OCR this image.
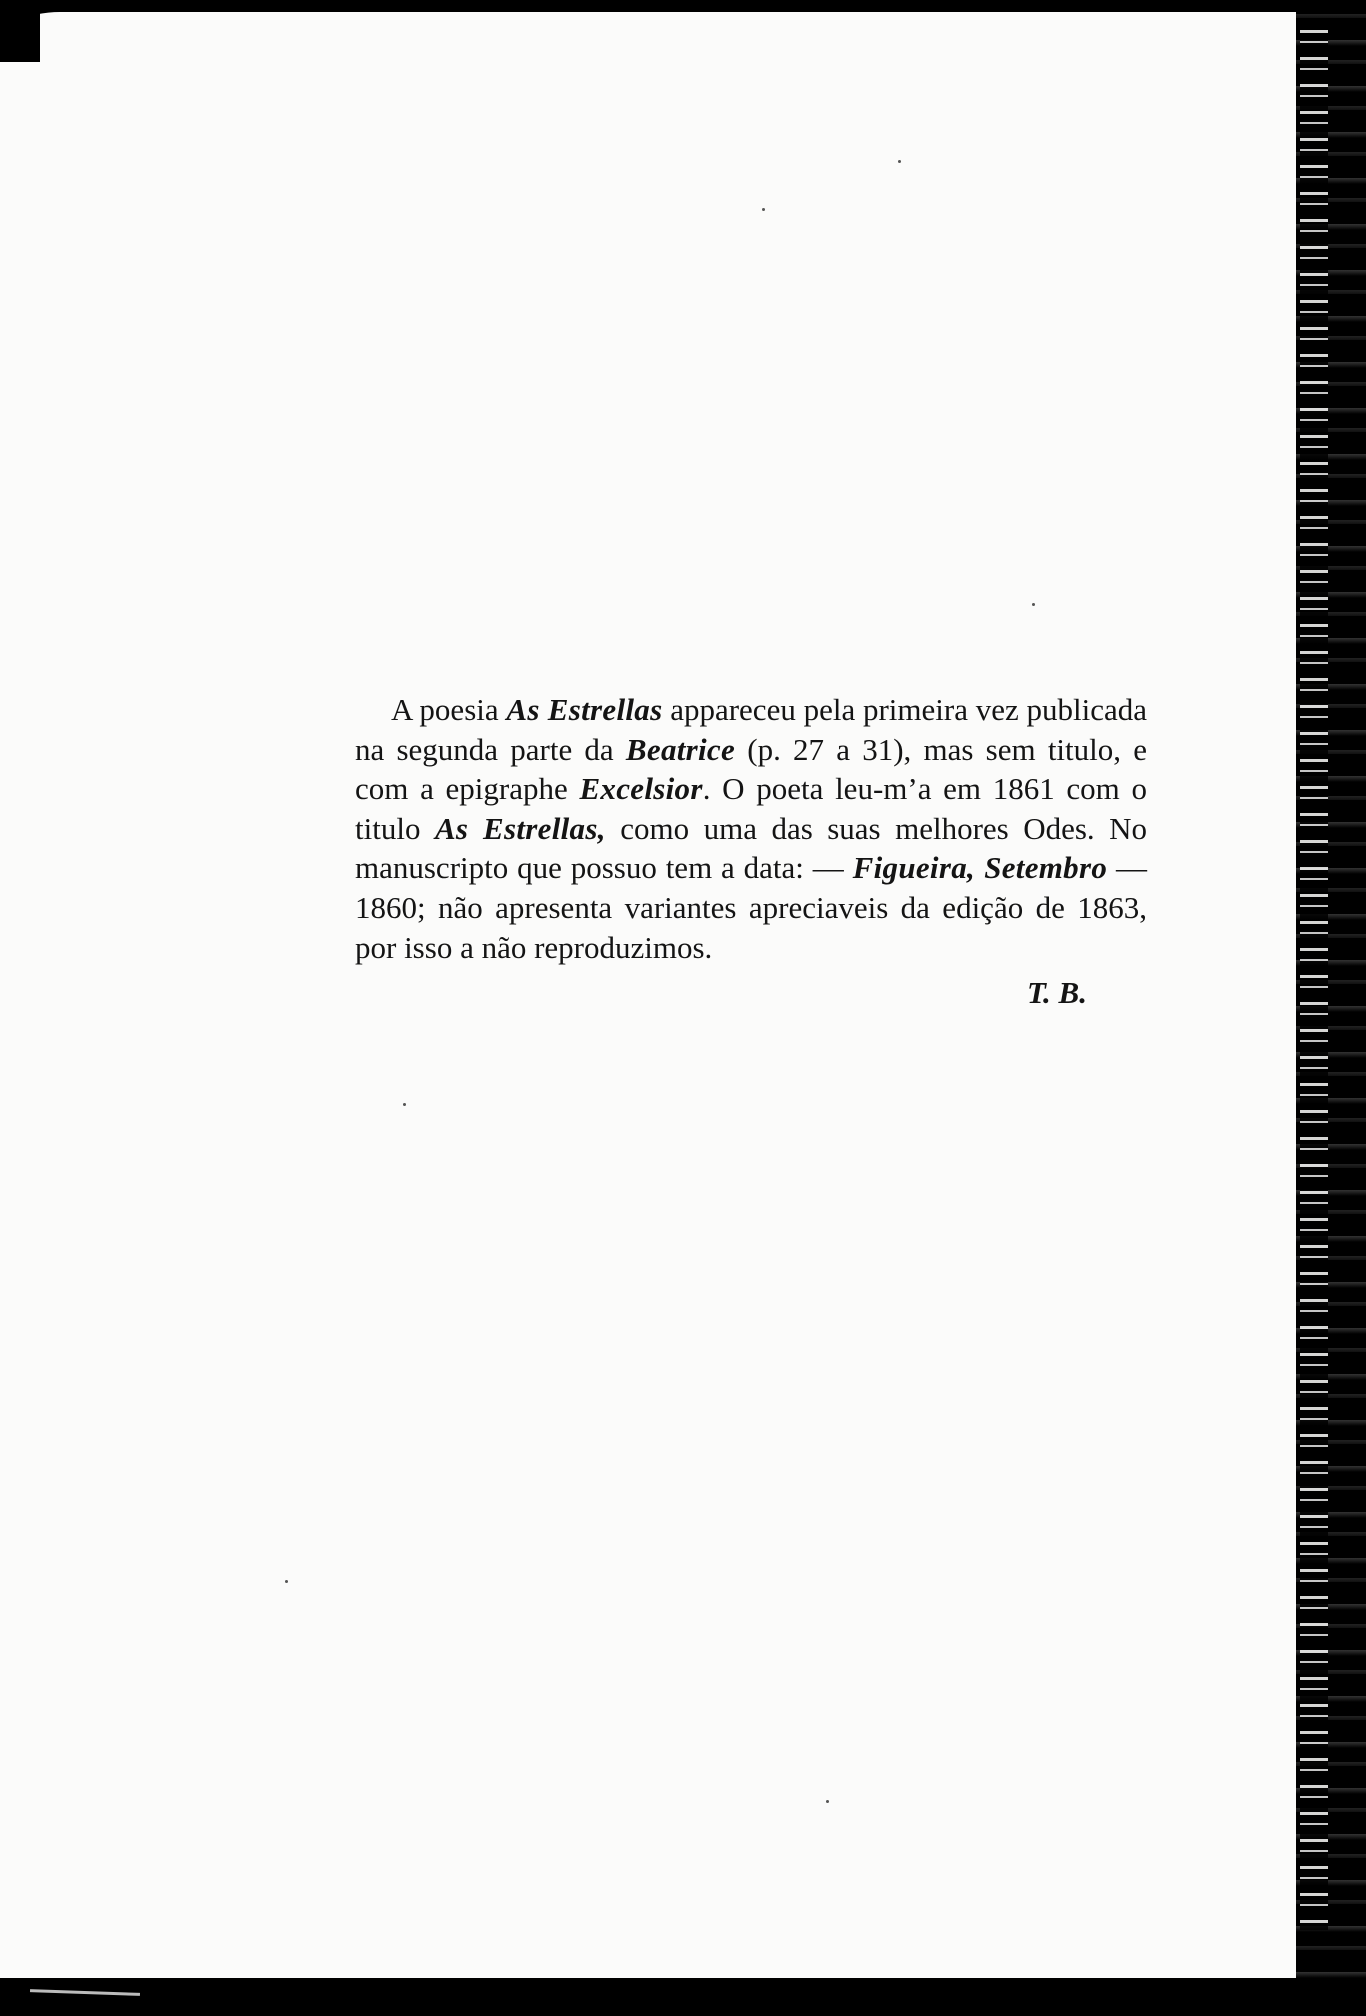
A poesia As Estrellas appareceu pela primeira vez publicada na segunda parte da Beatrice (p. 27 a 31), mas sem titulo, e com a epigraphe Excelsior. O poeta leu-m’a em 1861 com o titulo As Estrellas, como uma das suas melhores Odes. No manuscripto que possuo tem a data: — Figueira, Setembro — 1860; não apresenta variantes apreciaveis da edição de 1863, por isso a não reproduzimos.

T. B.
